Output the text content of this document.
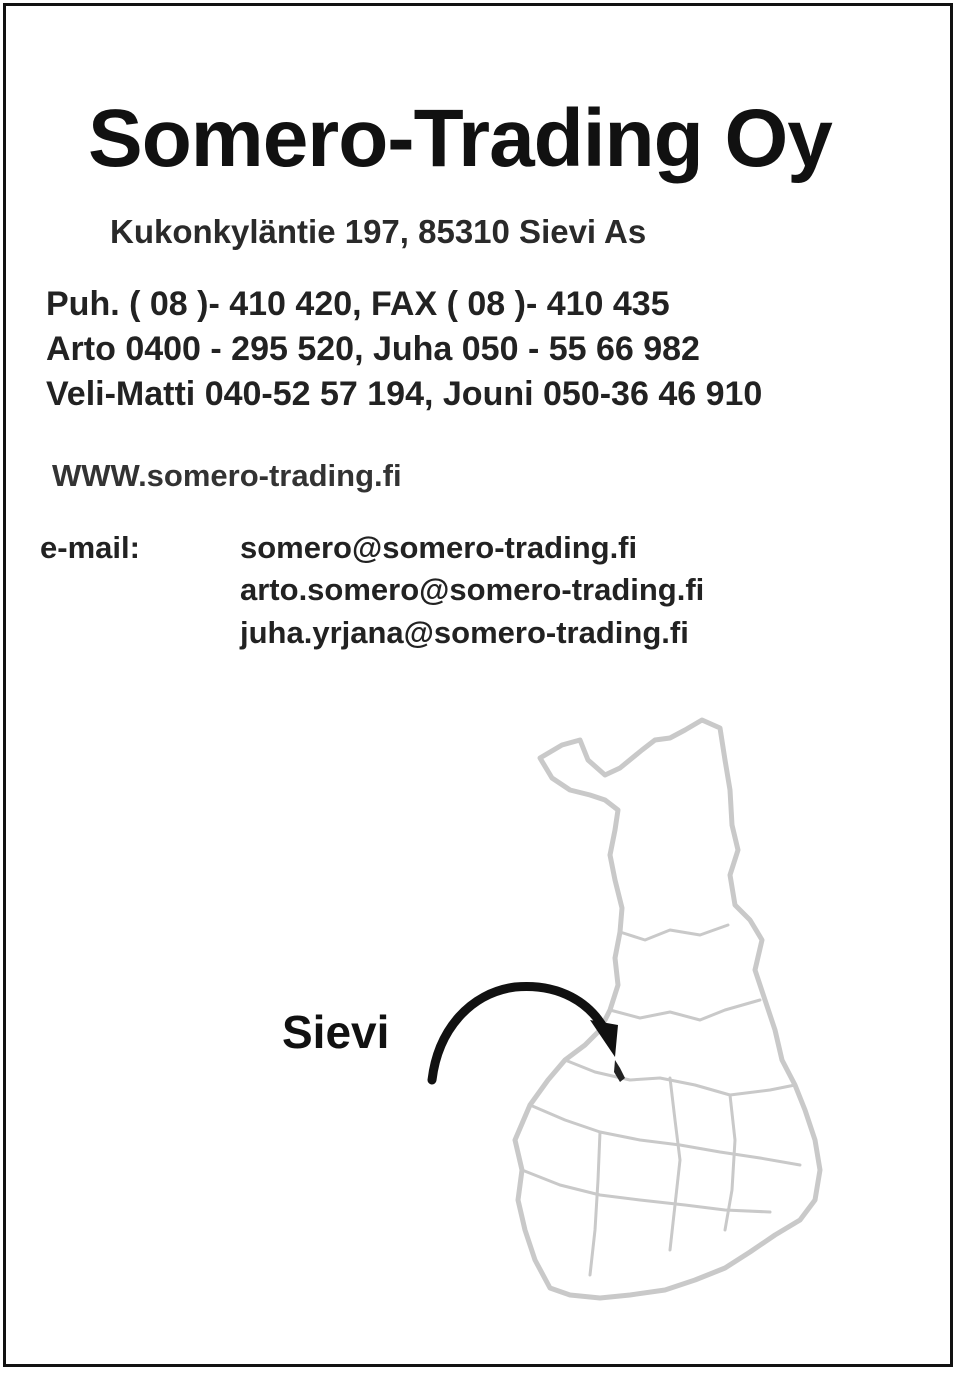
Somero-Trading Oy
Kukonkyläntie 197, 85310 Sievi As
Puh. ( 08 )- 410 420, FAX ( 08 )- 410 435
Arto 0400 - 295 520, Juha 050 - 55 66 982
Veli-Matti 040-52 57 194, Jouni 050-36 46 910
WWW.somero-trading.fi
e-mail:	somero@somero-trading.fi
arto.somero@somero-trading.fi
juha.yrjana@somero-trading.fi
Sievi
